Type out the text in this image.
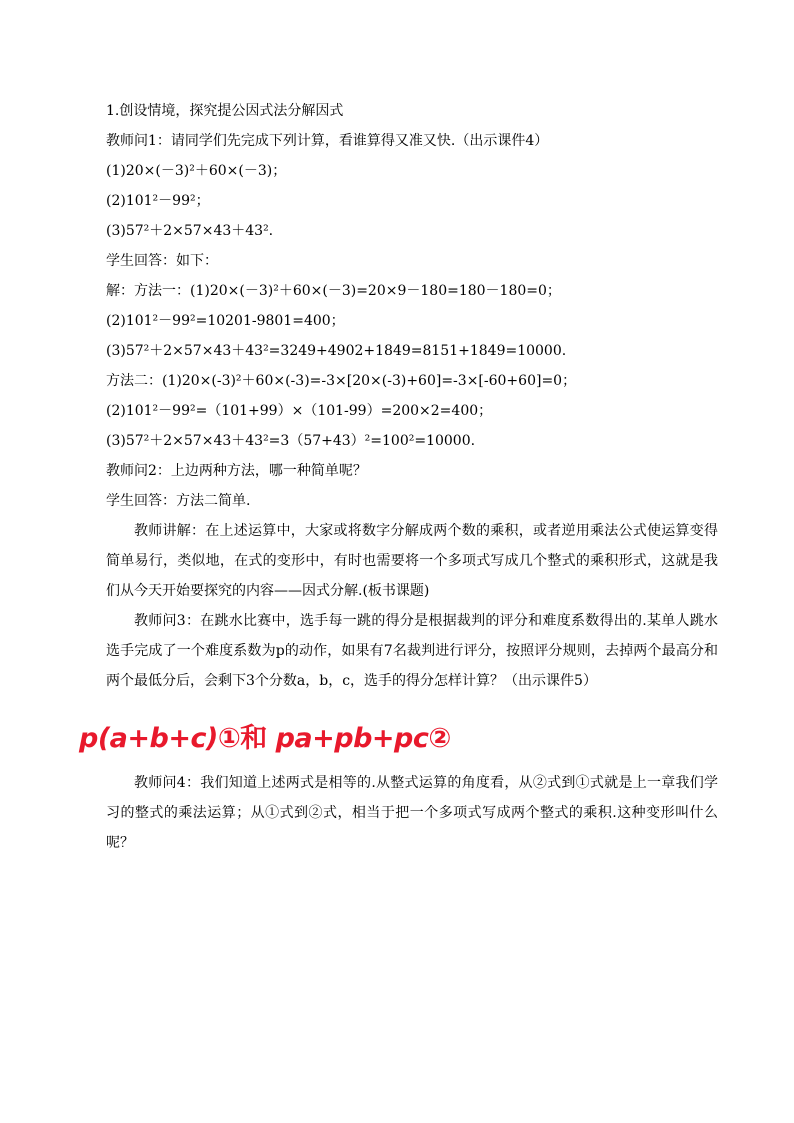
1.创设情境，探究提公因式法分解因式
教师问1：请同学们先完成下列计算，看谁算得又准又快.（出示课件4）
(1)20×(－3)²＋60×(－3)；
(2)101²－99²；
(3)57²＋2×57×43＋43².
学生回答：如下：
解：方法一：(1)20×(－3)²＋60×(－3)=20×9－180=180－180=0；
(2)101²－99²=10201-9801=400；
(3)57²＋2×57×43＋43²=3249+4902+1849=8151+1849=10000.
方法二：(1)20×(-3)²＋60×(-3)=-3×[20×(-3)+60]=-3×[-60+60]=0；
(2)101²－99²=（101+99）×（101-99）=200×2=400；
(3)57²＋2×57×43＋43²=3（57+43）²=100²=10000.
教师问2：上边两种方法，哪一种简单呢？
学生回答：方法二简单.
教师讲解：在上述运算中，大家或将数字分解成两个数的乘积，或者逆用乘法公式使运算变得简单易行，类似地，在式的变形中，有时也需要将一个多项式写成几个整式的乘积形式，这就是我们从今天开始要探究的内容——因式分解.(板书课题)
教师问3：在跳水比赛中，选手每一跳的得分是根据裁判的评分和难度系数得出的.某单人跳水选手完成了一个难度系数为p的动作，如果有7名裁判进行评分，按照评分规则，去掉两个最高分和两个最低分后，会剩下3个分数a，b，c，选手的得分怎样计算？（出示课件5）
p(a+b+c)①和 pa+pb+pc②
教师问4：我们知道上述两式是相等的.从整式运算的角度看，从②式到①式就是上一章我们学习的整式的乘法运算；从①式到②式，相当于把一个多项式写成两个整式的乘积.这种变形叫什么呢？
